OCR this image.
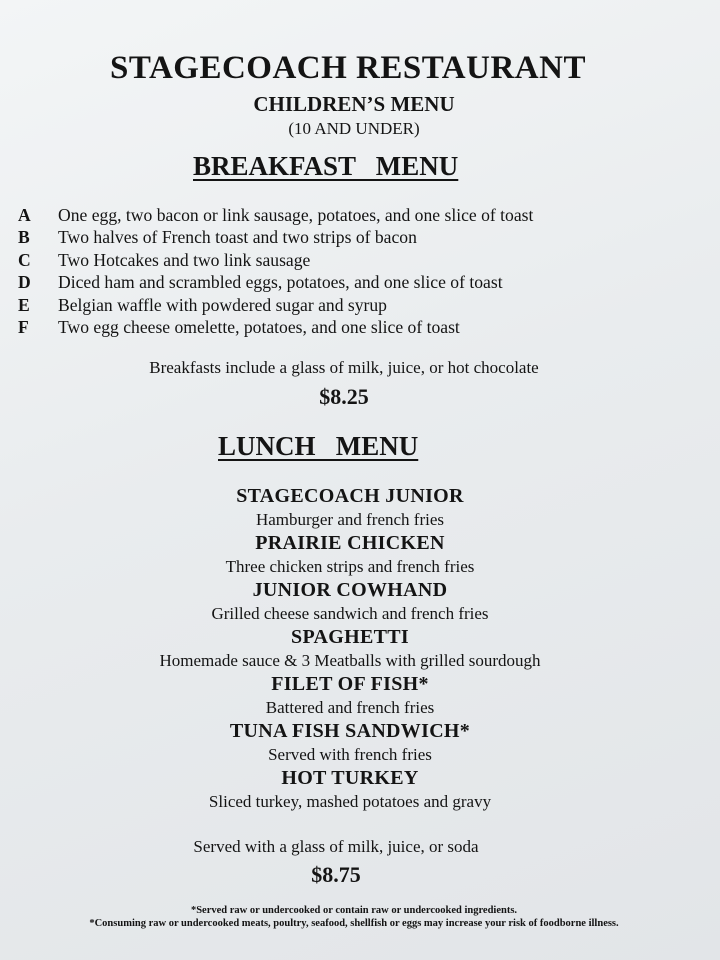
STAGECOACH RESTAURANT
CHILDREN’S MENU
(10 AND UNDER)
BREAKFAST   MENU
A	One egg, two bacon or link sausage, potatoes, and one slice of toast
B	Two halves of French toast and two strips of bacon
C	Two Hotcakes and two link sausage
D	Diced ham and scrambled eggs, potatoes, and one slice of toast
E	Belgian waffle with powdered sugar and syrup
F	Two egg cheese omelette, potatoes, and one slice of toast
Breakfasts include a glass of milk, juice, or hot chocolate
$8.25
LUNCH   MENU
STAGECOACH JUNIOR
Hamburger and french fries
PRAIRIE CHICKEN
Three chicken strips and french fries
JUNIOR COWHAND
Grilled cheese sandwich and french fries
SPAGHETTI
Homemade sauce & 3 Meatballs with grilled sourdough
FILET OF FISH*
Battered and french fries
TUNA FISH SANDWICH*
Served with french fries
HOT TURKEY
Sliced turkey, mashed potatoes and gravy
Served with a glass of milk, juice, or soda
$8.75
*Served raw or undercooked or contain raw or undercooked ingredients.
*Consuming raw or undercooked meats, poultry, seafood, shellfish or eggs may increase your risk of foodborne illness.
